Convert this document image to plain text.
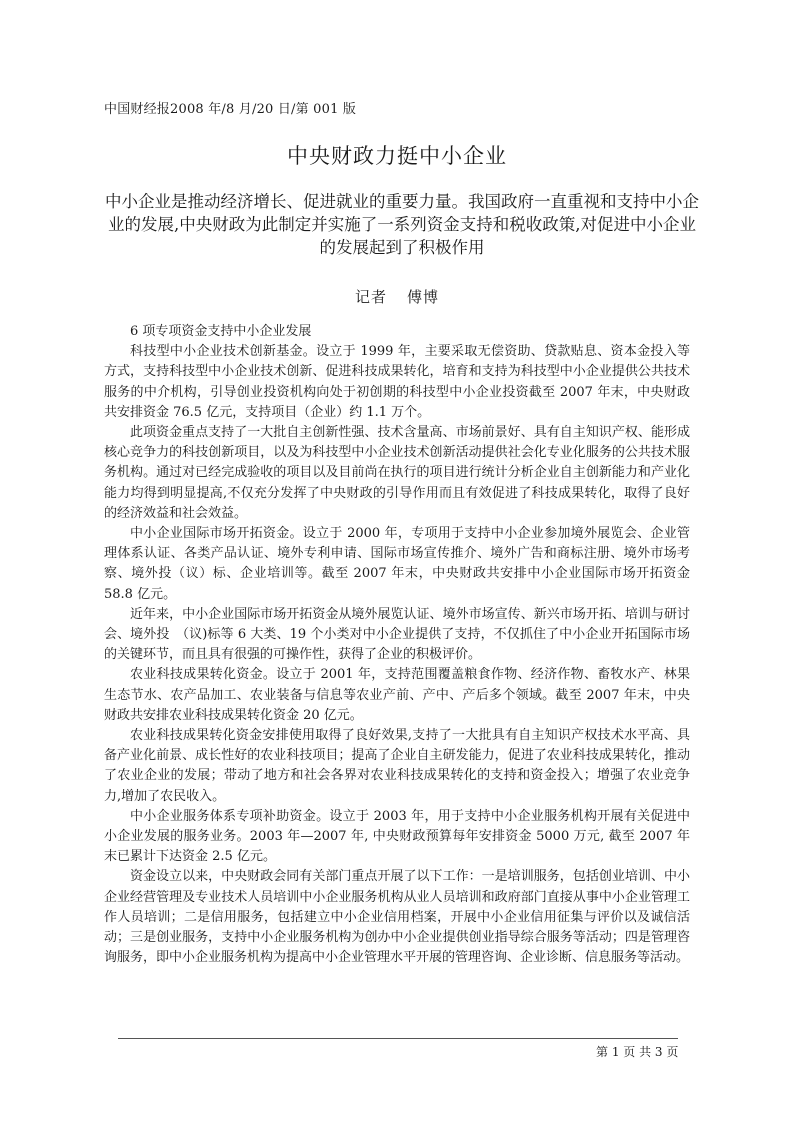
中国财经报2008 年/8 月/20 日/第 001 版
中央财政力挺中小企业
中小企业是推动经济增长、促进就业的重要力量。我国政府一直重视和支持中小企业的发展,中央财政为此制定并实施了一系列资金支持和税收政策,对促进中小企业的发展起到了积极作用
记者 傅博

6 项专项资金支持中小企业发展

科技型中小企业技术创新基金。设立于 1999 年，主要采取无偿资助、贷款贴息、资本金投入等方式，支持科技型中小企业技术创新、促进科技成果转化，培育和支持为科技型中小企业提供公共技术服务的中介机构，引导创业投资机构向处于初创期的科技型中小企业投资截至 2007 年末，中央财政共安排资金 76.5 亿元，支持项目（企业）约 1.1 万个。

此项资金重点支持了一大批自主创新性强、技术含量高、市场前景好、具有自主知识产权、能形成核心竞争力的科技创新项目，以及为科技型中小企业技术创新活动提供社会化专业化服务的公共技术服务机构。通过对已经完成验收的项目以及目前尚在执行的项目进行统计分析企业自主创新能力和产业化能力均得到明显提高,不仅充分发挥了中央财政的引导作用而且有效促进了科技成果转化，取得了良好的经济效益和社会效益。

中小企业国际市场开拓资金。设立于 2000 年，专项用于支持中小企业参加境外展览会、企业管理体系认证、各类产品认证、境外专利申请、国际市场宣传推介、境外广告和商标注册、境外市场考察、境外投（议）标、企业培训等。截至 2007 年末，中央财政共安排中小企业国际市场开拓资金 58.8 亿元。

近年来，中小企业国际市场开拓资金从境外展览认证、境外市场宣传、新兴市场开拓、培训与研讨会、境外投　（议)标等 6 大类、19 个小类对中小企业提供了支持，不仅抓住了中小企业开拓国际市场的关键环节，而且具有很强的可操作性，获得了企业的积极评价。

农业科技成果转化资金。设立于 2001 年，支持范围覆盖粮食作物、经济作物、畜牧水产、林果生态节水、农产品加工、农业装备与信息等农业产前、产中、产后多个领域。截至 2007 年末，中央财政共安排农业科技成果转化资金 20 亿元。

农业科技成果转化资金安排使用取得了良好效果,支持了一大批具有自主知识产权技术水平高、具备产业化前景、成长性好的农业科技项目；提高了企业自主研发能力，促进了农业科技成果转化，推动了农业企业的发展；带动了地方和社会各界对农业科技成果转化的支持和资金投入；增强了农业竞争力,增加了农民收入。

中小企业服务体系专项补助资金。设立于 2003 年，用于支持中小企业服务机构开展有关促进中小企业发展的服务业务。2003 年—2007 年, 中央财政预算每年安排资金 5000 万元, 截至 2007 年末已累计下达资金 2.5 亿元。

资金设立以来，中央财政会同有关部门重点开展了以下工作：一是培训服务，包括创业培训、中小企业经营管理及专业技术人员培训中小企业服务机构从业人员培训和政府部门直接从事中小企业管理工作人员培训；二是信用服务，包括建立中小企业信用档案，开展中小企业信用征集与评价以及诚信活动；三是创业服务，支持中小企业服务机构为创办中小企业提供创业指导综合服务等活动；四是管理咨询服务，即中小企业服务机构为提高中小企业管理水平开展的管理咨询、企业诊断、信息服务等活动。

第 1 页 共 3 页
